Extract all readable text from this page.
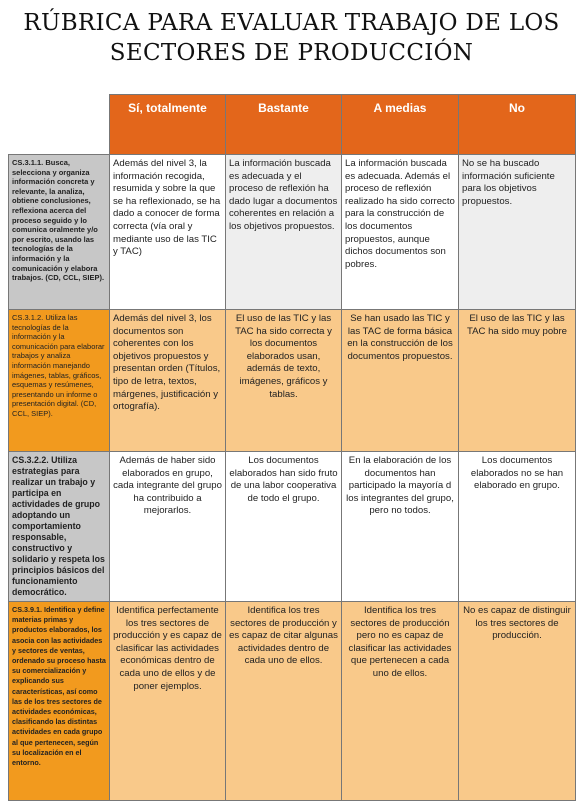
RÚBRICA PARA EVALUAR TRABAJO DE LOS
SECTORES DE PRODUCCIÓN
	Sí, totalmente	Bastante	A medias	No
CS.3.1.1. Busca, selecciona y organiza información concreta y relevante, la analiza, obtiene conclusiones, reflexiona acerca del proceso seguido y lo comunica oralmente y/o por escrito, usando las tecnologías de la información y la comunicación y elabora trabajos. (CD, CCL, SIEP).	Además del nivel 3, la información recogida, resumida y sobre la que se ha reflexionado, se ha dado a conocer de forma correcta (vía oral y mediante uso de las TIC y TAC)	La información buscada es adecuada y el proceso de reflexión ha dado lugar a documentos coherentes en relación a los objetivos propuestos.	La información buscada es adecuada. Además el proceso de reflexión realizado ha sido correcto para la construcción de los documentos propuestos, aunque dichos documentos son pobres.	No se ha buscado información suficiente para los objetivos propuestos.
CS.3.1.2. Utiliza las tecnologías de la información y la comunicación para elaborar trabajos y analiza información manejando imágenes, tablas, gráficos, esquemas y resúmenes, presentando un informe o presentación digital. (CD, CCL, SIEP).	Además del nivel 3, los documentos son coherentes con los objetivos propuestos y presentan orden (Títulos, tipo de letra, textos, márgenes, justificación y ortografía).	El uso de las TIC y las TAC ha sido correcta y los documentos elaborados usan, además de texto, imágenes, gráficos y tablas.	Se han usado las TIC y las TAC de forma básica en la construcción de los documentos propuestos.	El uso de las TIC y las TAC ha sido muy pobre
CS.3.2.2. Utiliza estrategias para realizar un trabajo y participa en actividades de grupo adoptando un comportamiento responsable, constructivo y solidario y respeta los principios básicos del funcionamiento democrático.	Además de haber sido elaborados en grupo, cada integrante del grupo ha contribuido a mejorarlos.	Los documentos elaborados han sido fruto de una labor cooperativa de todo el grupo.	En la elaboración de los documentos han participado la mayoría d los integrantes del grupo, pero no todos.	Los documentos elaborados no se han elaborado en grupo.
CS.3.9.1. Identifica y define materias primas y productos elaborados, los asocia con las actividades y sectores de ventas, ordenado su proceso hasta su comercialización y explicando sus características, así como las de los tres sectores de actividades económicas, clasificando las distintas actividades en cada grupo al que pertenecen, según su localización en el entorno.	Identifica perfectamente los tres sectores de producción y es capaz de clasificar las actividades económicas dentro de cada uno de ellos y de poner ejemplos.	Identifica los tres sectores de producción y es capaz de citar algunas actividades dentro de cada uno de ellos.	Identifica los tres sectores de producción pero no es capaz de clasificar las actividades que pertenecen a cada uno de ellos.	No es capaz de distinguir los tres sectores de producción.
